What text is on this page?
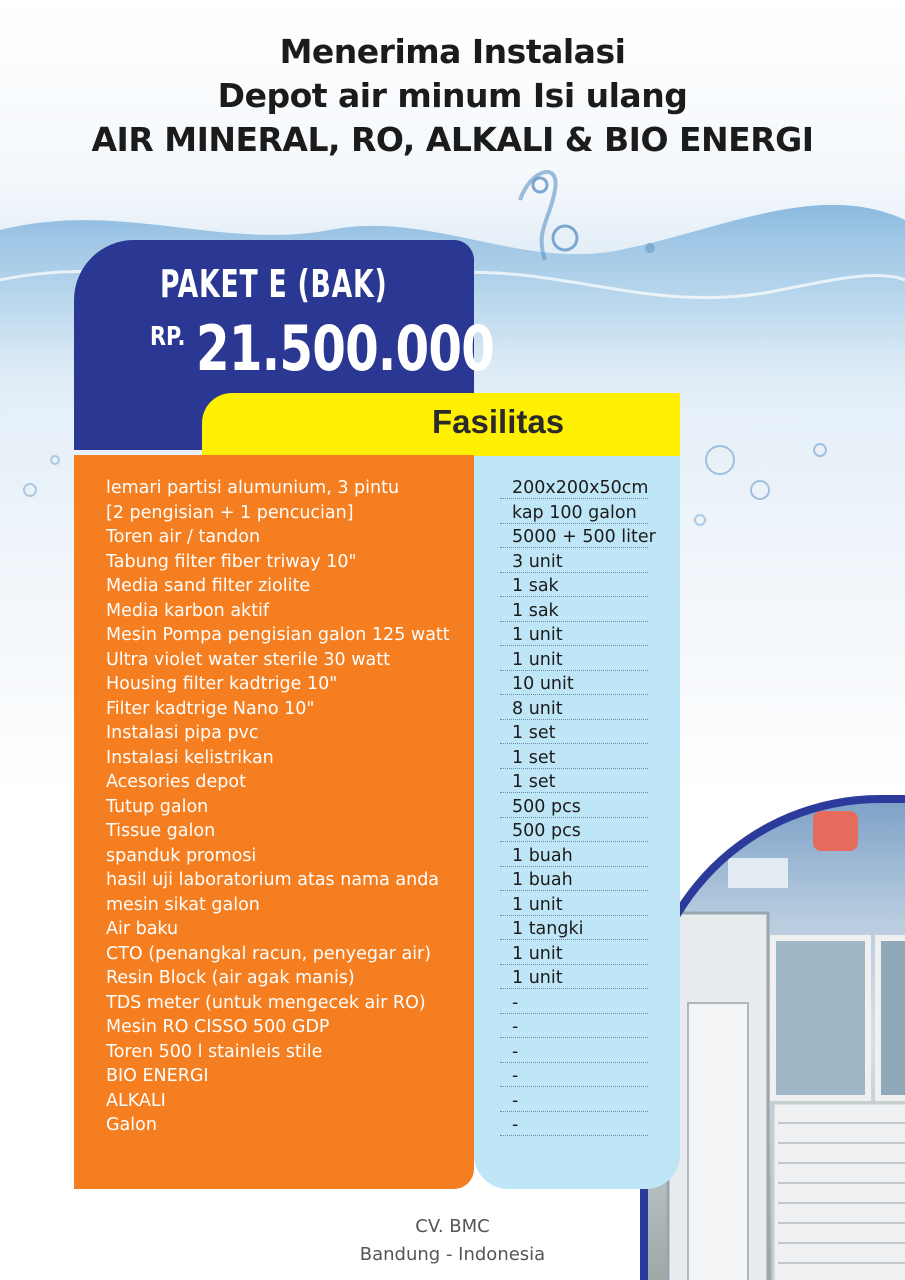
Menerima Instalasi
Depot air minum Isi ulang
AIR MINERAL, RO, ALKALI & BIO ENERGI
PAKET E (BAK)
RP. 21.500.000
Fasilitas
lemari partisi alumunium, 3 pintu	200x200x50cm
[2 pengisian + 1 pencucian]	kap 100 galon
Toren air / tandon	5000 + 500 liter
Tabung filter fiber triway 10"	3 unit
Media sand filter ziolite	1 sak
Media karbon aktif	1 sak
Mesin Pompa pengisian galon 125 watt	1 unit
Ultra violet water sterile 30 watt	1 unit
Housing filter kadtrige 10"	10 unit
Filter kadtrige Nano 10"	8 unit
Instalasi pipa pvc	1 set
Instalasi kelistrikan	1 set
Acesories depot	1 set
Tutup galon	500 pcs
Tissue galon	500 pcs
spanduk promosi	1 buah
hasil uji laboratorium atas nama anda	1 buah
mesin sikat galon	1 unit
Air baku	1 tangki
CTO (penangkal racun, penyegar air)	1 unit
Resin Block (air agak manis)	1 unit
TDS meter (untuk mengecek air RO)	-
Mesin RO CISSO 500 GDP	-
Toren 500 l stainleis stile	-
BIO ENERGI	-
ALKALI	-
Galon	-
CV. BMC
Bandung - Indonesia
